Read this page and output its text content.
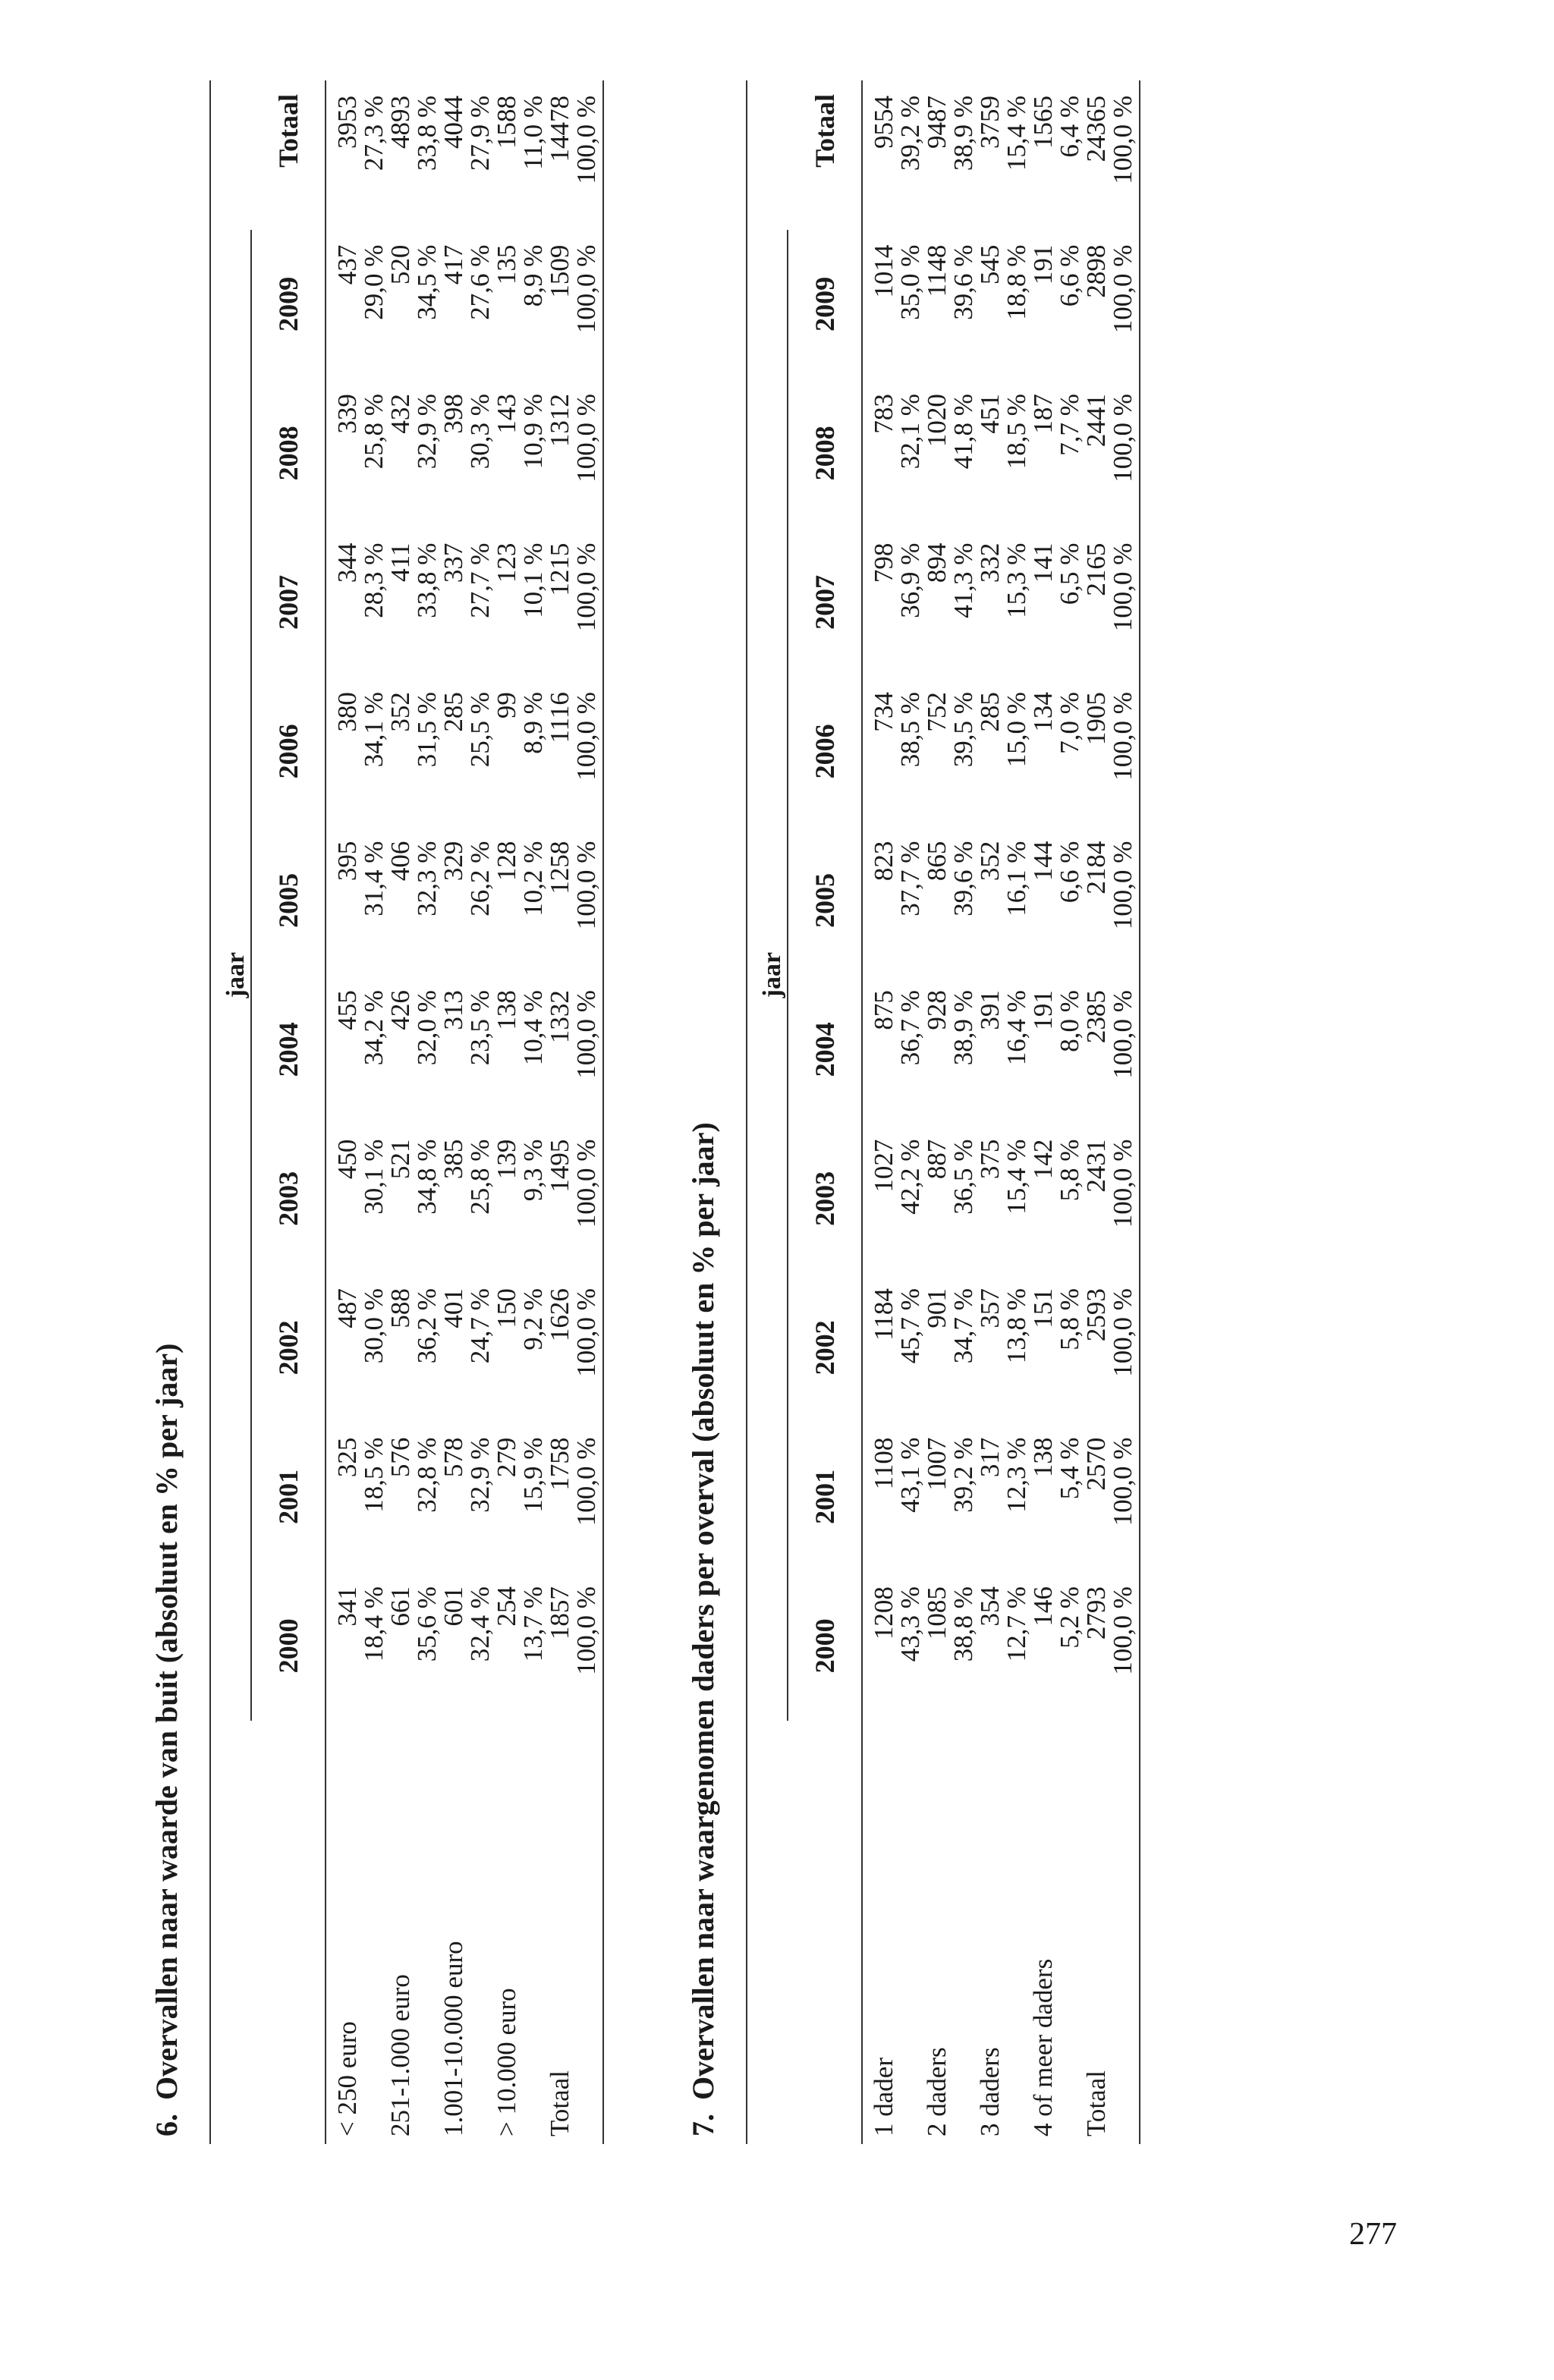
6.Overvallen naar waarde van buit (absoluut en % per jaar)

	jaar										
	2000	2001	2002	2003	2004	2005	2006	2007	2008	2009	Totaal

< 250 euro	341	325	487	450	455	395	380	344	339	437	3953
	18,4 %	18,5 %	30,0 %	30,1 %	34,2 %	31,4 %	34,1 %	28,3 %	25,8 %	29,0 %	27,3 %
251-1.000 euro	661	576	588	521	426	406	352	411	432	520	4893
	35,6 %	32,8 %	36,2 %	34,8 %	32,0 %	32,3 %	31,5 %	33,8 %	32,9 %	34,5 %	33,8 %
1.001-10.000 euro	601	578	401	385	313	329	285	337	398	417	4044
	32,4 %	32,9 %	24,7 %	25,8 %	23,5 %	26,2 %	25,5 %	27,7 %	30,3 %	27,6 %	27,9 %
> 10.000 euro	254	279	150	139	138	128	99	123	143	135	1588
	13,7 %	15,9 %	9,2 %	9,3 %	10,4 %	10,2 %	8,9 %	10,1 %	10,9 %	8,9 %	11,0 %
Totaal	1857	1758	1626	1495	1332	1258	1116	1215	1312	1509	14478
	100,0 %	100,0 %	100,0 %	100,0 %	100,0 %	100,0 %	100,0 %	100,0 %	100,0 %	100,0 %	100,0 %
7.Overvallen naar waargenomen daders per overval (absoluut en % per jaar)

	jaar										
	2000	2001	2002	2003	2004	2005	2006	2007	2008	2009	Totaal

1 dader	1208	1108	1184	1027	875	823	734	798	783	1014	9554
	43,3 %	43,1 %	45,7 %	42,2 %	36,7 %	37,7 %	38,5 %	36,9 %	32,1 %	35,0 %	39,2 %
2 daders	1085	1007	901	887	928	865	752	894	1020	1148	9487
	38,8 %	39,2 %	34,7 %	36,5 %	38,9 %	39,6 %	39,5 %	41,3 %	41,8 %	39,6 %	38,9 %
3 daders	354	317	357	375	391	352	285	332	451	545	3759
	12,7 %	12,3 %	13,8 %	15,4 %	16,4 %	16,1 %	15,0 %	15,3 %	18,5 %	18,8 %	15,4 %
4 of meer daders	146	138	151	142	191	144	134	141	187	191	1565
	5,2 %	5,4 %	5,8 %	5,8 %	8,0 %	6,6 %	7,0 %	6,5 %	7,7 %	6,6 %	6,4 %
Totaal	2793	2570	2593	2431	2385	2184	1905	2165	2441	2898	24365
	100,0 %	100,0 %	100,0 %	100,0 %	100,0 %	100,0 %	100,0 %	100,0 %	100,0 %	100,0 %	100,0 %
277
